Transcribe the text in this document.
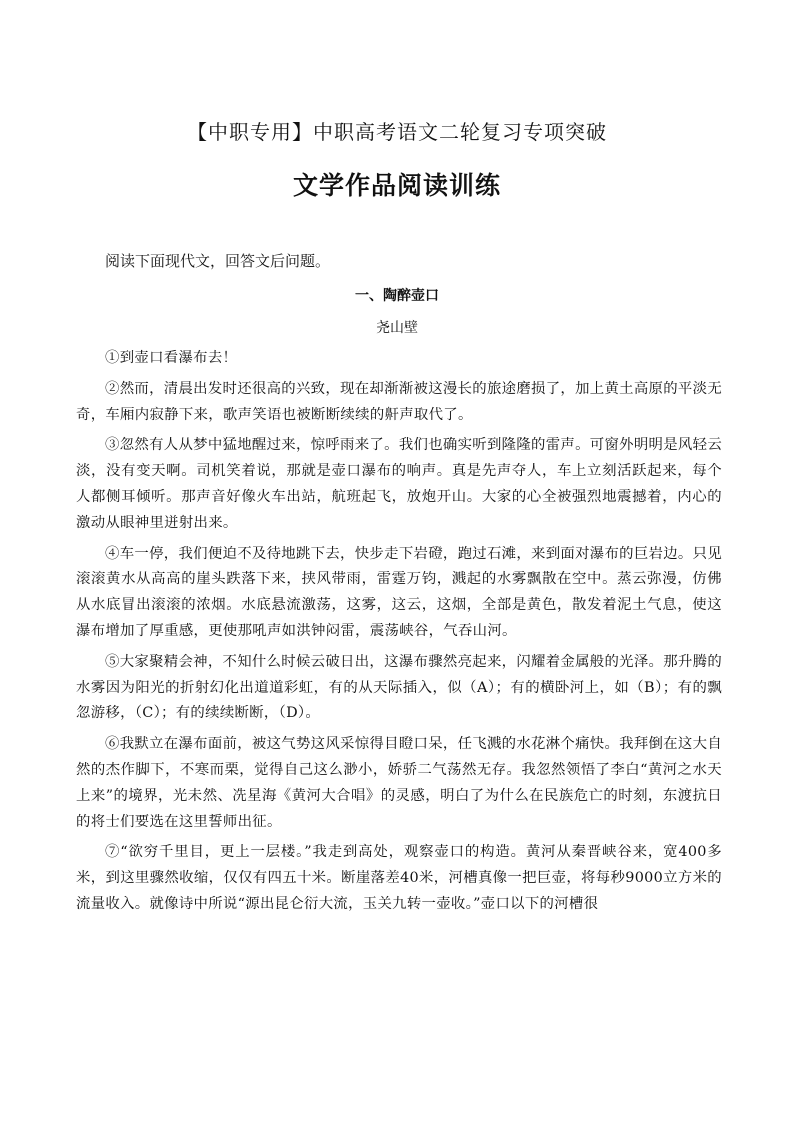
【中职专用】中职高考语文二轮复习专项突破
文学作品阅读训练
阅读下面现代文，回答文后问题。
一、陶醉壶口
尧山壁

①到壶口看瀑布去！

②然而，清晨出发时还很高的兴致，现在却渐渐被这漫长的旅途磨损了，加上黄土高原的平淡无奇，车厢内寂静下来，歌声笑语也被断断续续的鼾声取代了。

③忽然有人从梦中猛地醒过来，惊呼雨来了。我们也确实听到隆隆的雷声。可窗外明明是风轻云淡，没有变天啊。司机笑着说，那就是壶口瀑布的响声。真是先声夺人，车上立刻活跃起来，每个人都侧耳倾听。那声音好像火车出站，航班起飞，放炮开山。大家的心全被强烈地震撼着，内心的激动从眼神里迸射出来。

④车一停，我们便迫不及待地跳下去，快步走下岩磴，跑过石滩，来到面对瀑布的巨岩边。只见滚滚黄水从高高的崖头跌落下来，挟风带雨，雷霆万钧，溅起的水雾飘散在空中。蒸云弥漫，仿佛从水底冒出滚滚的浓烟。水底悬流激荡，这雾，这云，这烟，全部是黄色，散发着泥土气息，使这瀑布增加了厚重感，更使那吼声如洪钟闷雷，震荡峡谷，气吞山河。

⑤大家聚精会神，不知什么时候云破日出，这瀑布骤然亮起来，闪耀着金属般的光泽。那升腾的水雾因为阳光的折射幻化出道道彩虹，有的从天际插入，似（A）；有的横卧河上，如（B）；有的飘忽游移，（C）；有的续续断断，（D）。

⑥我默立在瀑布面前，被这气势这风采惊得目瞪口呆，任飞溅的水花淋个痛快。我拜倒在这大自然的杰作脚下，不寒而栗，觉得自己这么渺小，娇骄二气荡然无存。我忽然领悟了李白“黄河之水天上来”的境界，光未然、冼星海《黄河大合唱》的灵感，明白了为什么在民族危亡的时刻，东渡抗日的将士们要选在这里誓师出征。

⑦“欲穷千里目，更上一层楼。”我走到高处，观察壶口的构造。黄河从秦晋峡谷来，宽400多米，到这里骤然收缩，仅仅有四五十米。断崖落差40米，河槽真像一把巨壶，将每秒9000立方米的流量收入。就像诗中所说“源出昆仑衍大流，玉关九转一壶收。”壶口以下的河槽很
